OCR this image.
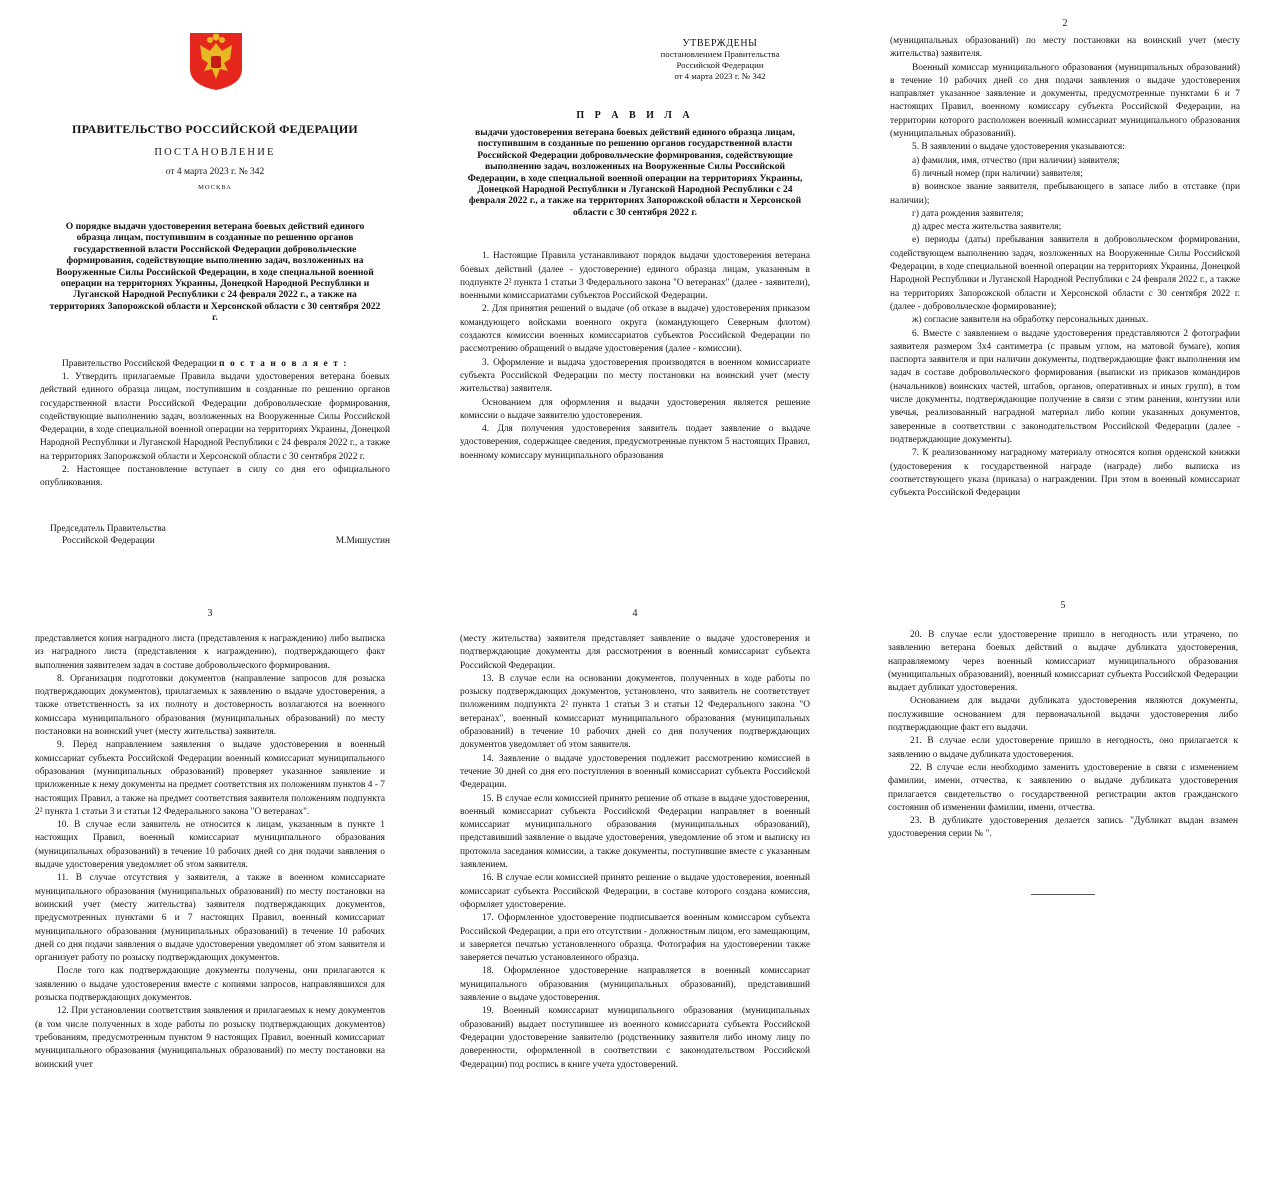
ПРАВИТЕЛЬСТВО РОССИЙСКОЙ ФЕДЕРАЦИИ
ПОСТАНОВЛЕНИЕ
от 4 марта 2023 г. № 342
МОСКВА
О порядке выдачи удостоверения ветерана боевых действий единого образца лицам, поступившим в созданные по решению органов государственной власти Российской Федерации добровольческие формирования, содействующие выполнению задач, возложенных на Вооруженные Силы Российской Федерации, в ходе специальной военной операции на территориях Украины, Донецкой Народной Республики и Луганской Народной Республики с 24 февраля 2022 г., а также на территориях Запорожской области и Херсонской области с 30 сентября 2022 г.

Правительство Российской Федерации п о с т а н о в л я е т :

1. Утвердить прилагаемые Правила выдачи удостоверения ветерана боевых действий единого образца лицам, поступившим в созданные по решению органов государственной власти Российской Федерации добровольческие формирования, содействующие выполнению задач, возложенных на Вооруженные Силы Российской Федерации, в ходе специальной военной операции на территориях Украины, Донецкой Народной Республики и Луганской Народной Республики с 24 февраля 2022 г., а также на территориях Запорожской области и Херсонской области с 30 сентября 2022 г.

2. Настоящее постановление вступает в силу со дня его официального опубликования.

Председатель Правительства
Российской Федерации	М.Мишустин
УТВЕРЖДЕНЫ
постановлением Правительства
Российской Федерации
от 4 марта 2023 г. № 342
П Р А В И Л А
выдачи удостоверения ветерана боевых действий единого образца лицам, поступившим в созданные по решению органов государственной власти Российской Федерации добровольческие формирования, содействующие выполнению задач, возложенных на Вооруженные Силы Российской Федерации, в ходе специальной военной операции на территориях Украины, Донецкой Народной Республики и Луганской Народной Республики с 24 февраля 2022 г., а также на территориях Запорожской области и Херсонской области с 30 сентября 2022 г.

1. Настоящие Правила устанавливают порядок выдачи удостоверения ветерана боевых действий (далее - удостоверение) единого образца лицам, указанным в подпункте 2² пункта 1 статьи 3 Федерального закона "О ветеранах" (далее - заявители), военными комиссариатами субъектов Российской Федерации.

2. Для принятия решений о выдаче (об отказе в выдаче) удостоверения приказом командующего войсками военного округа (командующего Северным флотом) создаются комиссии военных комиссариатов субъектов Российской Федерации по рассмотрению обращений о выдаче удостоверения (далее - комиссии).

3. Оформление и выдача удостоверения производятся в военном комиссариате субъекта Российской Федерации по месту постановки на воинский учет (месту жительства) заявителя.

Основанием для оформления и выдачи удостоверения является решение комиссии о выдаче заявителю удостоверения.

4. Для получения удостоверения заявитель подает заявление о выдаче удостоверения, содержащее сведения, предусмотренные пунктом 5 настоящих Правил, военному комиссару муниципального образования

2

(муниципальных образований) по месту постановки на воинский учет (месту жительства) заявителя.

Военный комиссар муниципального образования (муниципальных образований) в течение 10 рабочих дней со дня подачи заявления о выдаче удостоверения направляет указанное заявление и документы, предусмотренные пунктами 6 и 7 настоящих Правил, военному комиссару субъекта Российской Федерации, на территории которого расположен военный комиссариат муниципального образования (муниципальных образований).

5. В заявлении о выдаче удостоверения указываются:

а) фамилия, имя, отчество (при наличии) заявителя;

б) личный номер (при наличии) заявителя;

в) воинское звание заявителя, пребывающего в запасе либо в отставке (при наличии);

г) дата рождения заявителя;

д) адрес места жительства заявителя;

е) периоды (даты) пребывания заявителя в добровольческом формировании, содействующем выполнению задач, возложенных на Вооруженные Силы Российской Федерации, в ходе специальной военной операции на территориях Украины, Донецкой Народной Республики и Луганской Народной Республики с 24 февраля 2022 г., а также на территориях Запорожской области и Херсонской области с 30 сентября 2022 г. (далее - добровольческое формирование);

ж) согласие заявителя на обработку персональных данных.

6. Вместе с заявлением о выдаче удостоверения представляются 2 фотографии заявителя размером 3x4 сантиметра (с правым углом, на матовой бумаге), копия паспорта заявителя и при наличии документы, подтверждающие факт выполнения им задач в составе добровольческого формирования (выписки из приказов командиров (начальников) воинских частей, штабов, органов, оперативных и иных групп), в том числе документы, подтверждающие получение в связи с этим ранения, контузии или увечья, реализованный наградной материал либо копии указанных документов, заверенные в соответствии с законодательством Российской Федерации (далее - подтверждающие документы).

7. К реализованному наградному материалу относятся копия орденской книжки (удостоверения к государственной награде (награде) либо выписка из соответствующего указа (приказа) о награждении. При этом в военный комиссариат субъекта Российской Федерации

3

представляется копия наградного листа (представления к награждению) либо выписка из наградного листа (представления к награждению), подтверждающего факт выполнения заявителем задач в составе добровольческого формирования.

8. Организация подготовки документов (направление запросов для розыска подтверждающих документов), прилагаемых к заявлению о выдаче удостоверения, а также ответственность за их полноту и достоверность возлагаются на военного комиссара муниципального образования (муниципальных образований) по месту постановки на воинский учет (месту жительства) заявителя.

9. Перед направлением заявления о выдаче удостоверения в военный комиссариат субъекта Российской Федерации военный комиссариат муниципального образования (муниципальных образований) проверяет указанное заявление и приложенные к нему документы на предмет соответствия их положениям пунктов 4 - 7 настоящих Правил, а также на предмет соответствия заявителя положениям подпункта 2² пункта 1 статьи 3 и статьи 12 Федерального закона "О ветеранах".

10. В случае если заявитель не относится к лицам, указанным в пункте 1 настоящих Правил, военный комиссариат муниципального образования (муниципальных образований) в течение 10 рабочих дней со дня подачи заявления о выдаче удостоверения уведомляет об этом заявителя.

11. В случае отсутствия у заявителя, а также в военном комиссариате муниципального образования (муниципальных образований) по месту постановки на воинский учет (месту жительства) заявителя подтверждающих документов, предусмотренных пунктами 6 и 7 настоящих Правил, военный комиссариат муниципального образования (муниципальных образований) в течение 10 рабочих дней со дня подачи заявления о выдаче удостоверения уведомляет об этом заявителя и организует работу по розыску подтверждающих документов.

После того как подтверждающие документы получены, они прилагаются к заявлению о выдаче удостоверения вместе с копиями запросов, направлявшихся для розыска подтверждающих документов.

12. При установлении соответствия заявления и прилагаемых к нему документов (в том числе полученных в ходе работы по розыску подтверждающих документов) требованиям, предусмотренным пунктом 9 настоящих Правил, военный комиссариат муниципального образования (муниципальных образований) по месту постановки на воинский учет

4

(месту жительства) заявителя представляет заявление о выдаче удостоверения и подтверждающие документы для рассмотрения в военный комиссариат субъекта Российской Федерации.

13. В случае если на основании документов, полученных в ходе работы по розыску подтверждающих документов, установлено, что заявитель не соответствует положениям подпункта 2² пункта 1 статьи 3 и статьи 12 Федерального закона "О ветеранах", военный комиссариат муниципального образования (муниципальных образований) в течение 10 рабочих дней со дня получения подтверждающих документов уведомляет об этом заявителя.

14. Заявление о выдаче удостоверения подлежит рассмотрению комиссией в течение 30 дней со дня его поступления в военный комиссариат субъекта Российской Федерации.

15. В случае если комиссией принято решение об отказе в выдаче удостоверения, военный комиссариат субъекта Российской Федерации направляет в военный комиссариат муниципального образования (муниципальных образований), представивший заявление о выдаче удостоверения, уведомление об этом и выписку из протокола заседания комиссии, а также документы, поступившие вместе с указанным заявлением.

16. В случае если комиссией принято решение о выдаче удостоверения, военный комиссариат субъекта Российской Федерации, в составе которого создана комиссия, оформляет удостоверение.

17. Оформленное удостоверение подписывается военным комиссаром субъекта Российской Федерации, а при его отсутствии - должностным лицом, его замещающим, и заверяется печатью установленного образца. Фотография на удостоверении также заверяется печатью установленного образца.

18. Оформленное удостоверение направляется в военный комиссариат муниципального образования (муниципальных образований), представивший заявление о выдаче удостоверения.

19. Военный комиссариат муниципального образования (муниципальных образований) выдает поступившее из военного комиссариата субъекта Российской Федерации удостоверение заявителю (родственнику заявителя либо иному лицу по доверенности, оформленной в соответствии с законодательством Российской Федерации) под роспись в книге учета удостоверений.

5

20. В случае если удостоверение пришло в негодность или утрачено, по заявлению ветерана боевых действий о выдаче дубликата удостоверения, направляемому через военный комиссариат муниципального образования (муниципальных образований), военный комиссариат субъекта Российской Федерации выдает дубликат удостоверения.

Основанием для выдачи дубликата удостоверения являются документы, послужившие основанием для первоначальной выдачи удостоверения либо подтверждающие факт его выдачи.

21. В случае если удостоверение пришло в негодность, оно прилагается к заявлению о выдаче дубликата удостоверения.

22. В случае если необходимо заменить удостоверение в связи с изменением фамилии, имени, отчества, к заявлению о выдаче дубликата удостоверения прилагается свидетельство о государственной регистрации актов гражданского состояния об изменении фамилии, имени, отчества.

23. В дубликате удостоверения делается запись "Дубликат выдан взамен удостоверения серии № ".
